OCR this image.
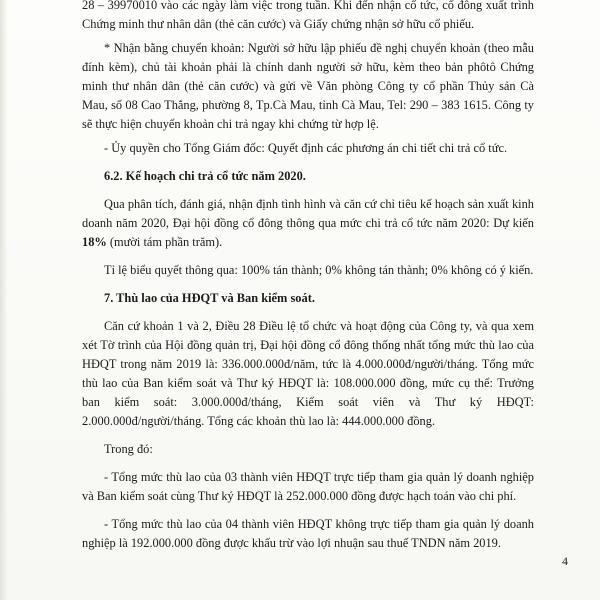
28 – 39970010 vào các ngày làm việc trong tuần. Khi đến nhận cổ tức, cổ đông xuất trình Chứng minh thư nhân dân (thẻ căn cước) và Giấy chứng nhận sở hữu cổ phiếu.

* Nhận bằng chuyển khoản: Người sở hữu lập phiếu đề nghị chuyển khoản (theo mẫu đính kèm), chủ tài khoản phải là chính danh người sở hữu, kèm theo bản phôtô Chứng minh thư nhân dân (thẻ căn cước) và gửi về Văn phòng Công ty cổ phần Thủy sản Cà Mau, số 08 Cao Thắng, phường 8, Tp.Cà Mau, tỉnh Cà Mau, Tel: 290 – 383 1615. Công ty sẽ thực hiện chuyển khoản chi trả ngay khi chứng từ hợp lệ.

- Ủy quyền cho Tổng Giám đốc: Quyết định các phương án chi tiết chi trả cổ tức.

6.2. Kế hoạch chi trả cổ tức năm 2020.

Qua phân tích, đánh giá, nhận định tình hình và căn cứ chỉ tiêu kế hoạch sản xuất kinh doanh năm 2020, Đại hội đồng cổ đông thông qua mức chi trả cổ tức năm 2020: Dự kiến 18% (mười tám phần trăm).

Tỉ lệ biểu quyết thông qua: 100% tán thành; 0% không tán thành; 0% không có ý kiến.

7. Thù lao của HĐQT và Ban kiểm soát.

Căn cứ khoản 1 và 2, Điều 28 Điều lệ tổ chức và hoạt động của Công ty, và qua xem xét Tờ trình của Hội đồng quản trị, Đại hội đồng cổ đông thống nhất tổng mức thù lao của HĐQT trong năm 2019 là: 336.000.000đ/năm, tức là 4.000.000đ/người/tháng. Tổng mức thù lao của Ban kiểm soát và Thư ký HĐQT là: 108.000.000 đồng, mức cụ thể: Trưởng ban kiểm soát: 3.000.000đ/tháng, Kiểm soát viên và Thư ký HĐQT: 2.000.000đ/người/tháng. Tổng các khoản thù lao là: 444.000.000 đồng.

Trong đó:

- Tổng mức thù lao của 03 thành viên HĐQT trực tiếp tham gia quản lý doanh nghiệp và Ban kiểm soát cùng Thư ký HĐQT là 252.000.000 đồng được hạch toán vào chi phí.

- Tổng mức thù lao của 04 thành viên HĐQT không trực tiếp tham gia quản lý doanh nghiệp là 192.000.000 đồng được khấu trừ vào lợi nhuận sau thuế TNDN năm 2019.

4
